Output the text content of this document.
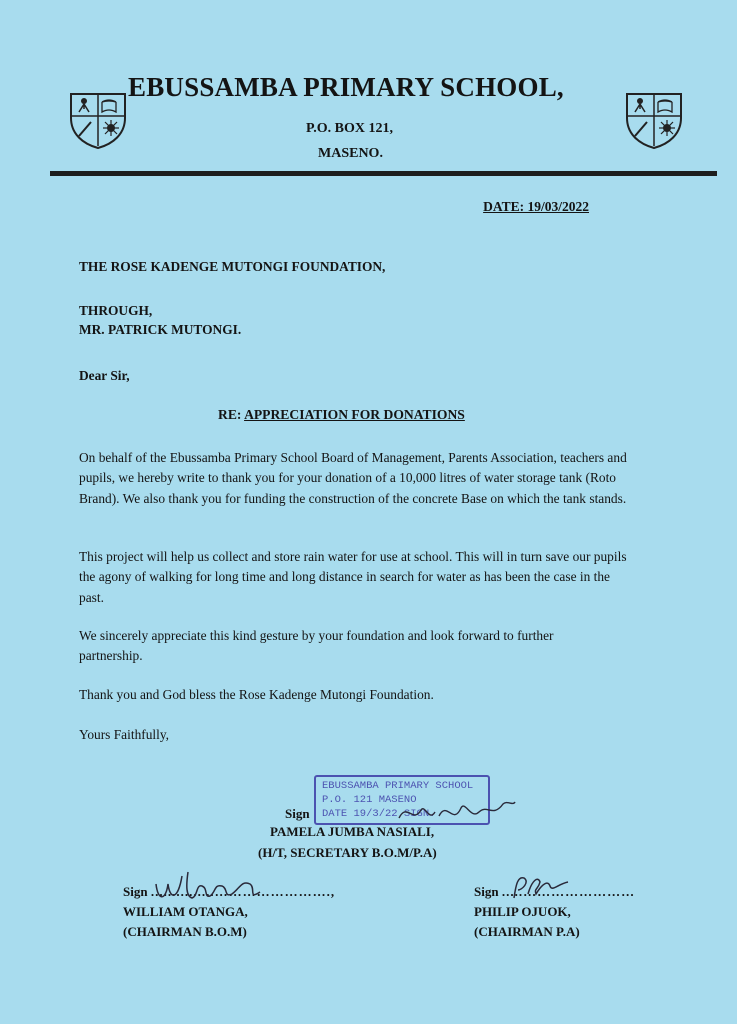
EBUSSAMBA PRIMARY SCHOOL,
P.O. BOX 121,
MASENO.
DATE: 19/03/2022
THE ROSE KADENGE MUTONGI FOUNDATION,
THROUGH,
MR. PATRICK MUTONGI.
Dear Sir,
RE: APPRECIATION FOR DONATIONS
On behalf of the Ebussamba Primary School Board of Management, Parents Association, teachers and pupils, we hereby write to thank you for your donation of a 10,000 litres of water storage tank (Roto Brand). We also thank you for funding the construction of the concrete Base on which the tank stands.
This project will help us collect and store rain water for use at school. This will in turn save our pupils the agony of walking for long time and long distance in search for water as has been the case in the past.
We sincerely appreciate this kind gesture by your foundation and look forward to further partnership.
Thank you and God bless the Rose Kadenge Mutongi Foundation.
Yours Faithfully,
EBUSSAMBA PRIMARY SCHOOL
P.O. 121 MASENO
DATE 19/3/22 SIGN.
Sign
PAMELA JUMBA NASIALI,
(H/T, SECRETARY B.O.M/P.A)
Sign ...............…………………….,
WILLIAM OTANGA,
(CHAIRMAN B.O.M)
Sign .....……………………
PHILIP OJUOK,
(CHAIRMAN P.A)
